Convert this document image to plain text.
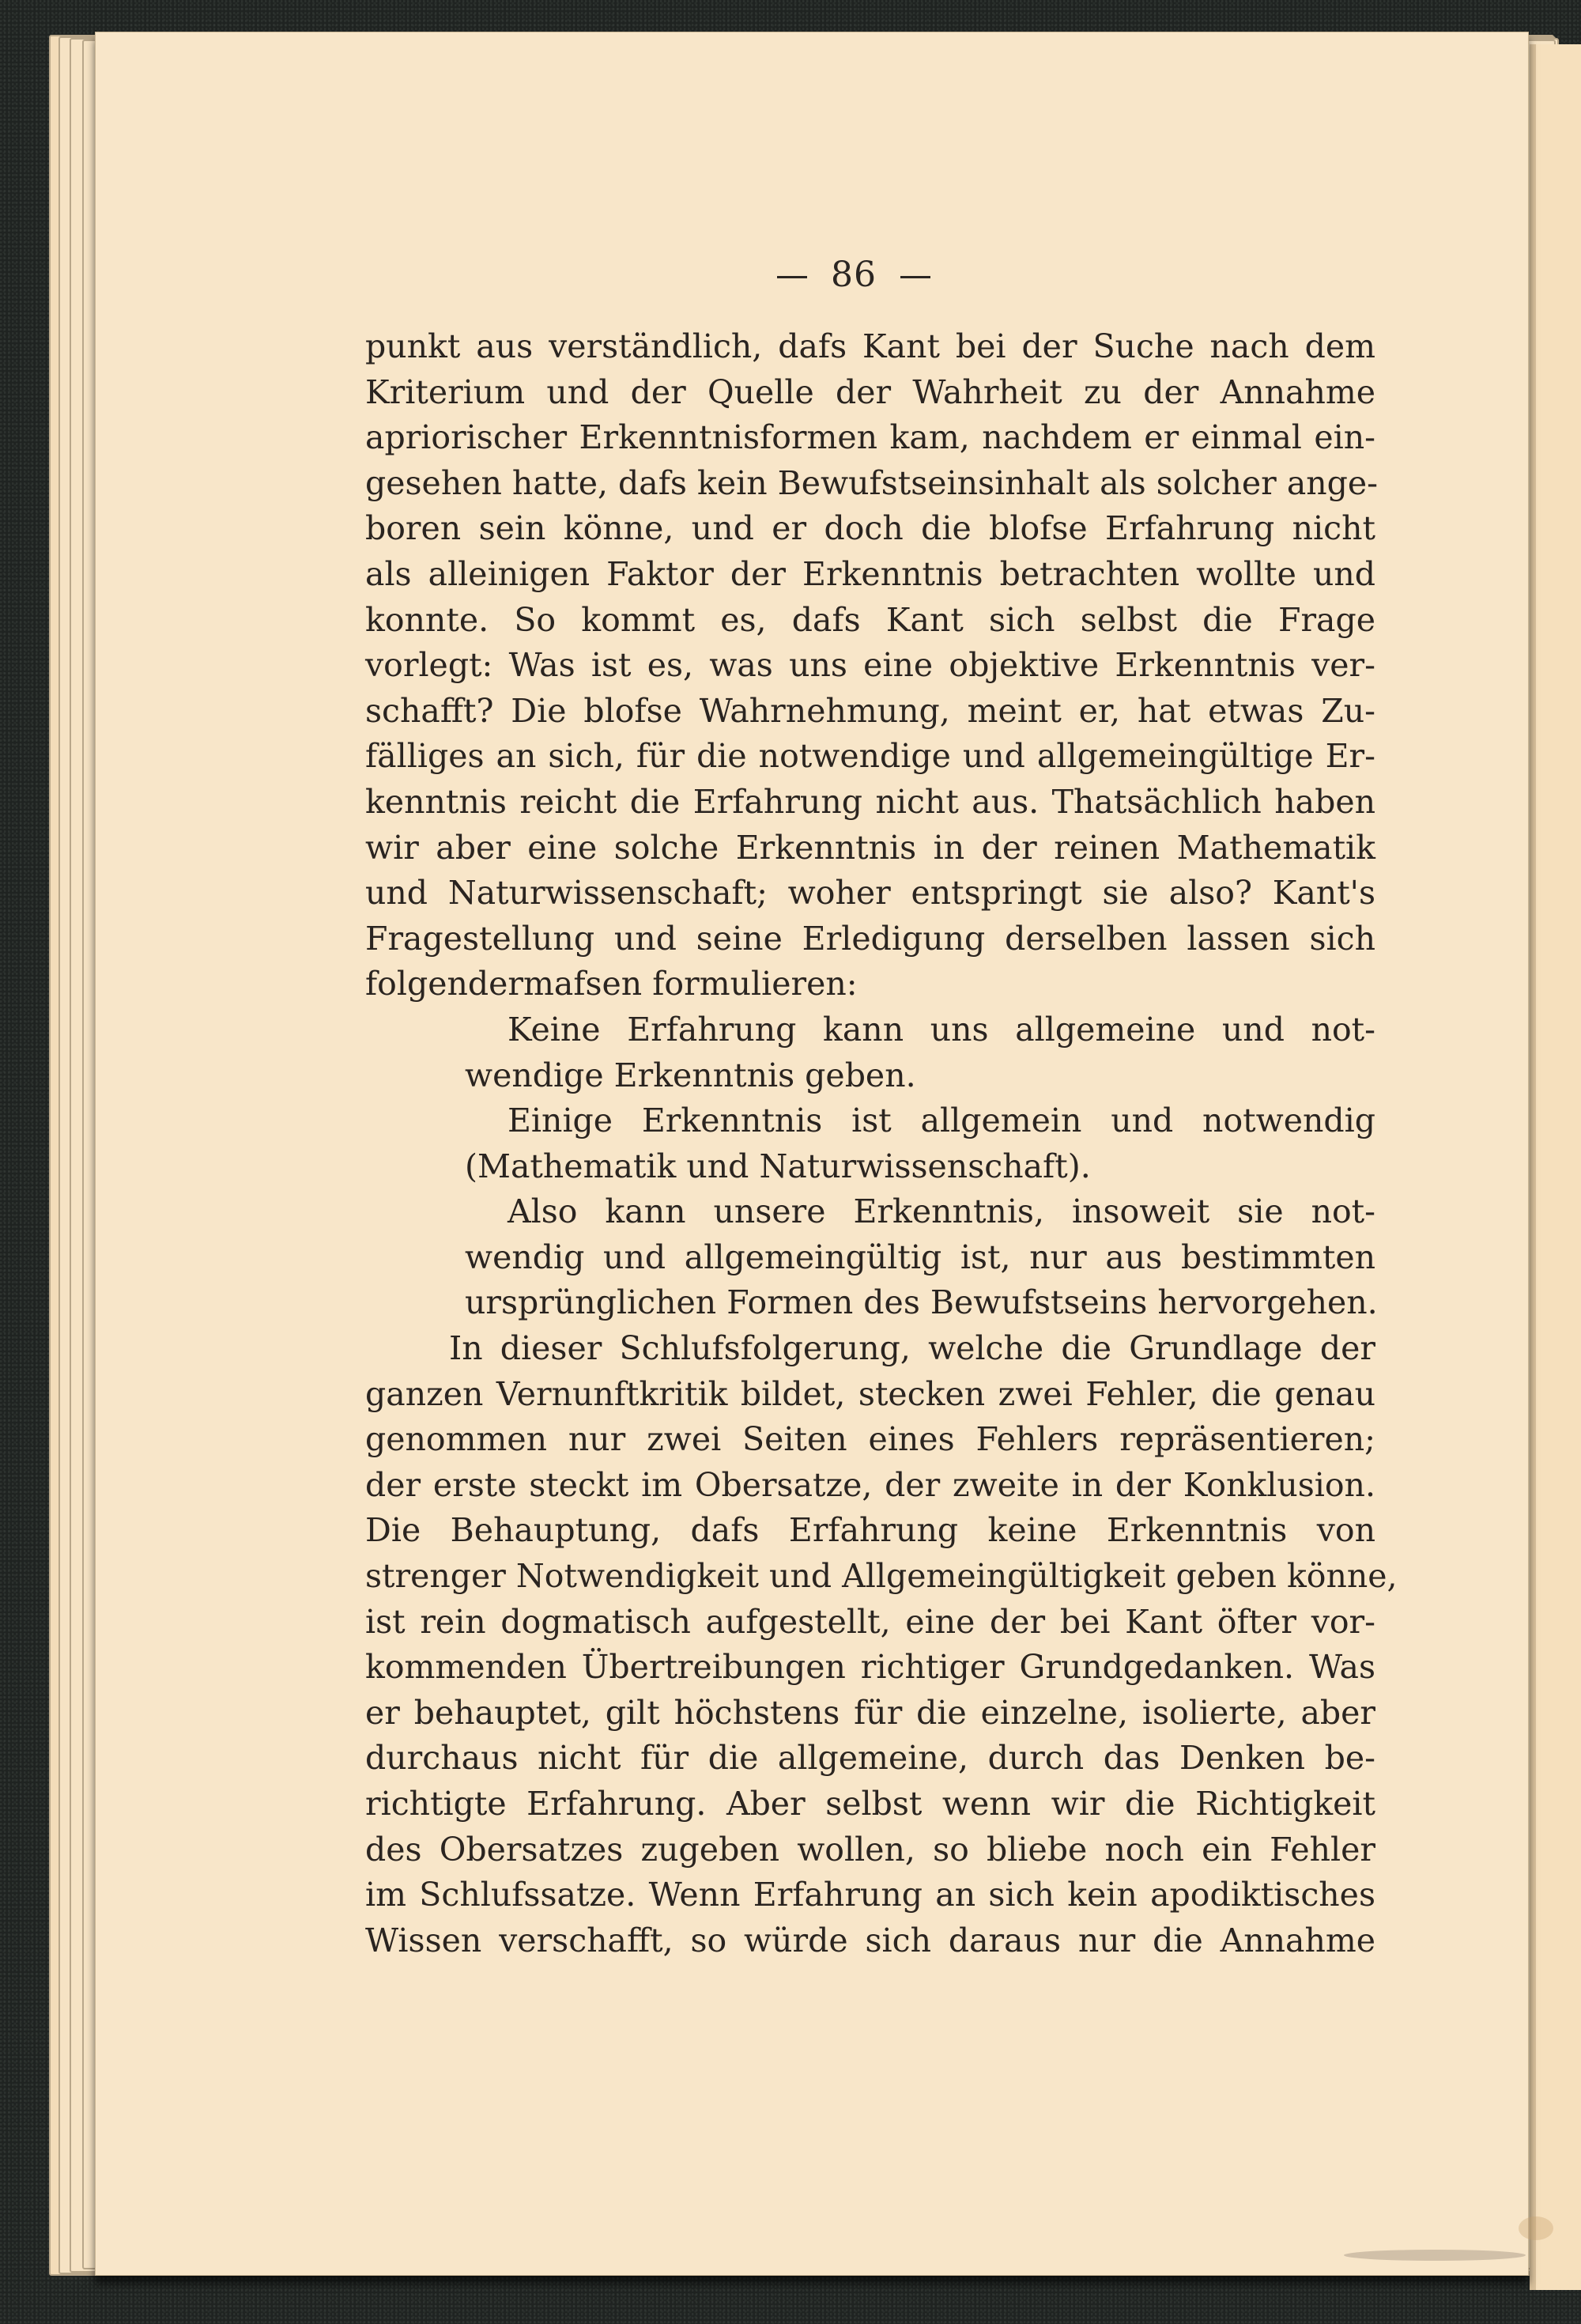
86
punkt aus verständlich, dafs Kant bei der Suche nach dem
Kriterium und der Quelle der Wahrheit zu der Annahme
apriorischer Erkenntnisformen kam, nachdem er einmal ein-
gesehen hatte, dafs kein Bewufstseinsinhalt als solcher ange-
boren sein könne, und er doch die blofse Erfahrung nicht
als alleinigen Faktor der Erkenntnis betrachten wollte und
konnte. So kommt es, dafs Kant sich selbst die Frage
vorlegt: Was ist es, was uns eine objektive Erkenntnis ver-
schafft? Die blofse Wahrnehmung, meint er, hat etwas Zu-
fälliges an sich, für die notwendige und allgemeingültige Er-
kenntnis reicht die Erfahrung nicht aus. Thatsächlich haben
wir aber eine solche Erkenntnis in der reinen Mathematik
und Naturwissenschaft; woher entspringt sie also? Kant's
Fragestellung und seine Erledigung derselben lassen sich
folgendermafsen formulieren:
Keine Erfahrung kann uns allgemeine und not-
wendige Erkenntnis geben.
Einige Erkenntnis ist allgemein und notwendig
(Mathematik und Naturwissenschaft).
Also kann unsere Erkenntnis, insoweit sie not-
wendig und allgemeingültig ist, nur aus bestimmten
ursprünglichen Formen des Bewufstseins hervorgehen.
In dieser Schlufsfolgerung, welche die Grundlage der
ganzen Vernunftkritik bildet, stecken zwei Fehler, die genau
genommen nur zwei Seiten eines Fehlers repräsentieren;
der erste steckt im Obersatze, der zweite in der Konklusion.
Die Behauptung, dafs Erfahrung keine Erkenntnis von
strenger Notwendigkeit und Allgemeingültigkeit geben könne,
ist rein dogmatisch aufgestellt, eine der bei Kant öfter vor-
kommenden Übertreibungen richtiger Grundgedanken. Was
er behauptet, gilt höchstens für die einzelne, isolierte, aber
durchaus nicht für die allgemeine, durch das Denken be-
richtigte Erfahrung. Aber selbst wenn wir die Richtigkeit
des Obersatzes zugeben wollen, so bliebe noch ein Fehler
im Schlufssatze. Wenn Erfahrung an sich kein apodiktisches
Wissen verschafft, so würde sich daraus nur die Annahme
